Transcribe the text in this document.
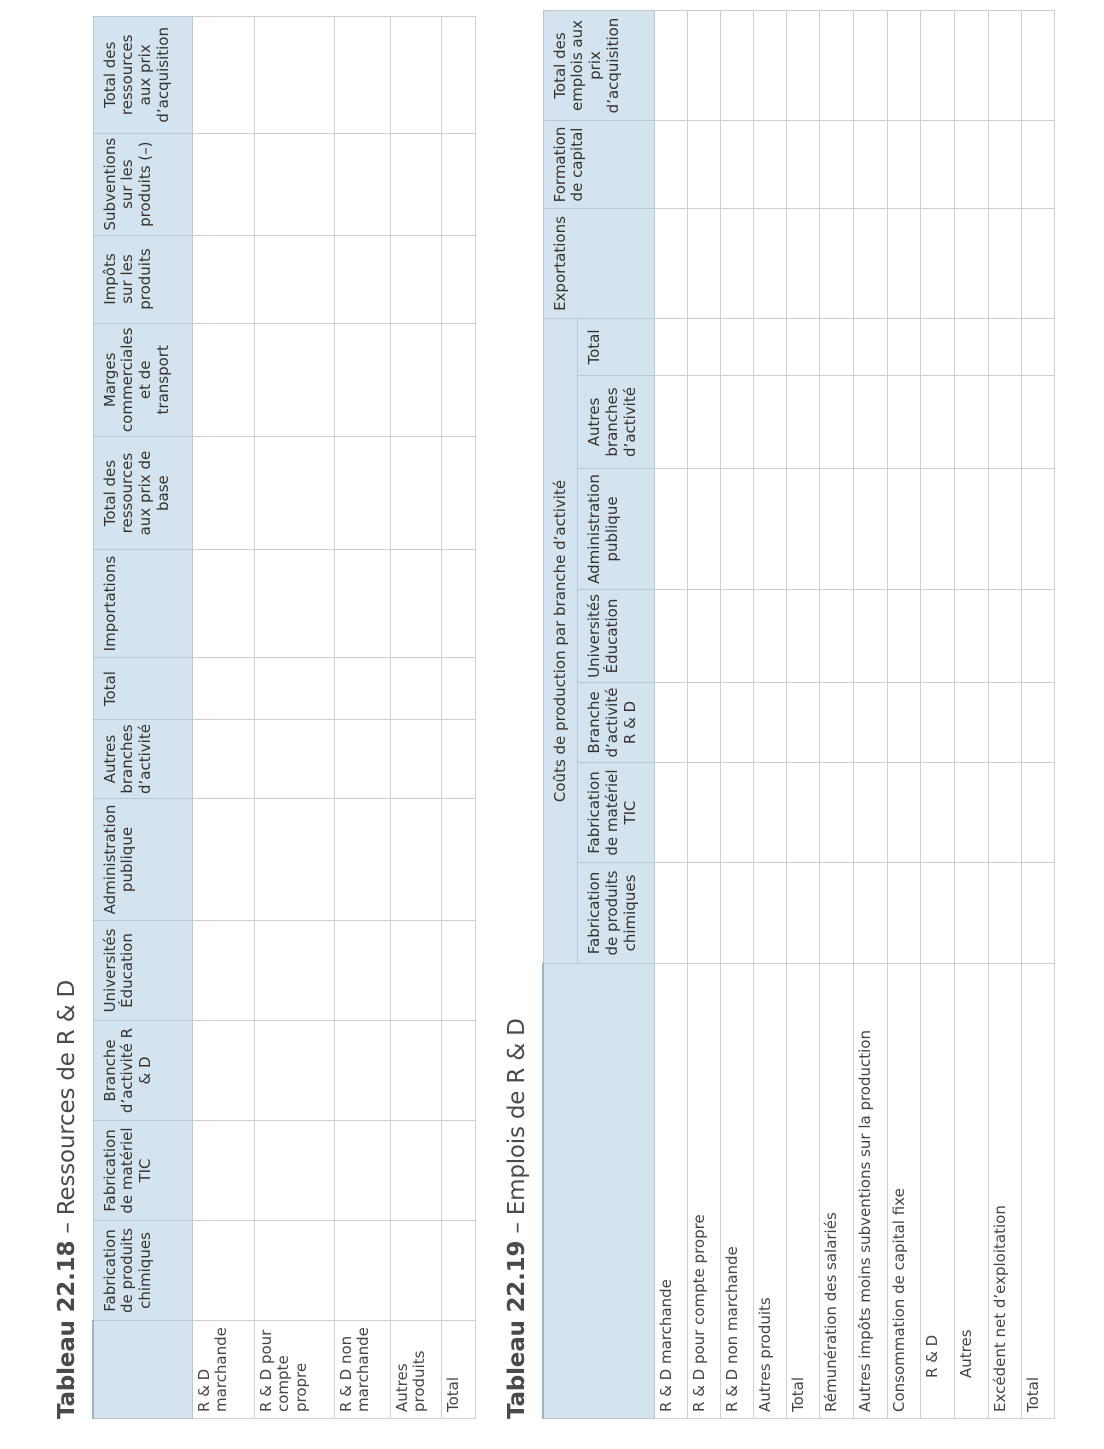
Tableau 22.18 – Ressources de R & D
	Fabrication de produits chimiques	Fabrication de matériel TIC	Branche d’activité R & D	Universités Éducation	Administration publique	Autres branches d’activité	Total	Importations	Total des ressources aux prix de base	Marges commerciales et de transport	Impôts sur les produits	Subventions sur les produits (–)	Total des ressources aux prix d’acquisition
R & D marchande													
R & D pour compte propre													
R & D non marchande													
Autres produits													
Total													Tableau 22.19 – Emplois de R & D
	Coûts de production par branche d’activité							Exportations	Formation de capital	Total des emplois aux prix d’acquisition
	Fabrication de produits chimiques	Fabrication de matériel TIC	Branche d’activité R & D	Universités Éducation	Administration publique	Autres branches d’activité	Total			
R & D marchande										
R & D pour compte propre										
R & D non marchande										
Autres produits										
Total										
Rémunération des salariés										
Autres impôts moins subventions sur la production										
Consommation de capital fixe										
R & D										
Autres										
Excédent net d’exploitation										
Total										
